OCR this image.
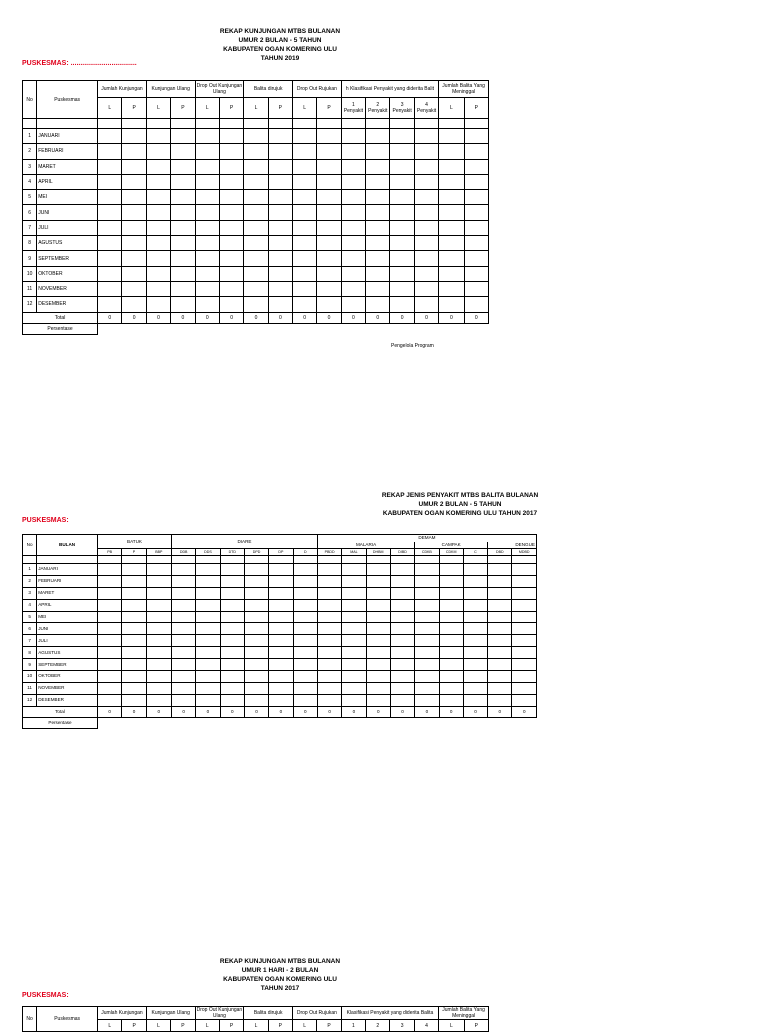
REKAP KUNJUNGAN MTBS BULANAN
UMUR 2 BULAN - 5 TAHUN
KABUPATEN OGAN KOMERING ULU
TAHUN 2019
PUSKESMAS: ..................................
No	Puskesmas	Jumlah Kunjungan		Kunjungan Ulang		Drop Out Kunjungan Ulang		Balita dirujuk		Drop Out Rujukan		h Klasifikasi Penyakit yang diderita Balit				Jumlah Balita Yang Meninggal	
		L	P	L	P	L	P	L	P	L	P	1 Penyakit	2 Penyakit	3 Penyakit	4 Penyakit	L	P

1	JANUARI																
2	FEBRUARI																
3	MARET																
4	APRIL																
5	MEI																
6	JUNI																
7	JULI																
8	AGUSTUS																
9	SEPTEMBER																
10	OKTOBER																
11	NOVEMBER																
12	DESEMBER																
Total		0	0	0	0	0	0	0	0	0	0	0	0	0	0	0	0
Persentase																	
Pengelola Program
REKAP JENIS PENYAKIT MTBS BALITA BULANAN
UMUR 2 BULAN - 5 TAHUN
KABUPATEN OGAN KOMERING ULU TAHUN 2017
PUSKESMAS:
No	BULAN	BATUK			DIARE						DEMAM								
											MALARIA				CAMPAK			DENGUE	
		PB	P	BBP	DDB	DDS	DTD	DPD	DP	D	PBDD	MAL	DHBM	DIBD	CDKB	CDKM	C	DBD	MDBD

1	JANUARI																		
2	FEBRUARI																		
3	MARET																		
4	APRIL																		
5	MEI																		
6	JUNI																		
7	JULI																		
8	AGUSTUS																		
9	SEPTEMBER																		
10	OKTOBER																		
11	NOVEMBER																		
12	DESEMBER																		
Total		0	0	0	0	0	0	0	0	0	0	0	0	0	0	0	0	0	0
Persentase																			
REKAP KUNJUNGAN MTBS BULANAN
UMUR 1 HARI - 2 BULAN
KABUPATEN OGAN KOMERING ULU
TAHUN 2017
PUSKESMAS:
No	Puskesmas	Jumlah Kunjungan		Kunjungan Ulang		Drop Out Kunjungan Ulang		Balita dirujuk		Drop Out Rujukan		Klasifikasi Penyakit yang diderita Balita				Jumlah Balita Yang Meninggal	
		L	P	L	P	L	P	L	P	L	P	1	2	3	4	L	P
